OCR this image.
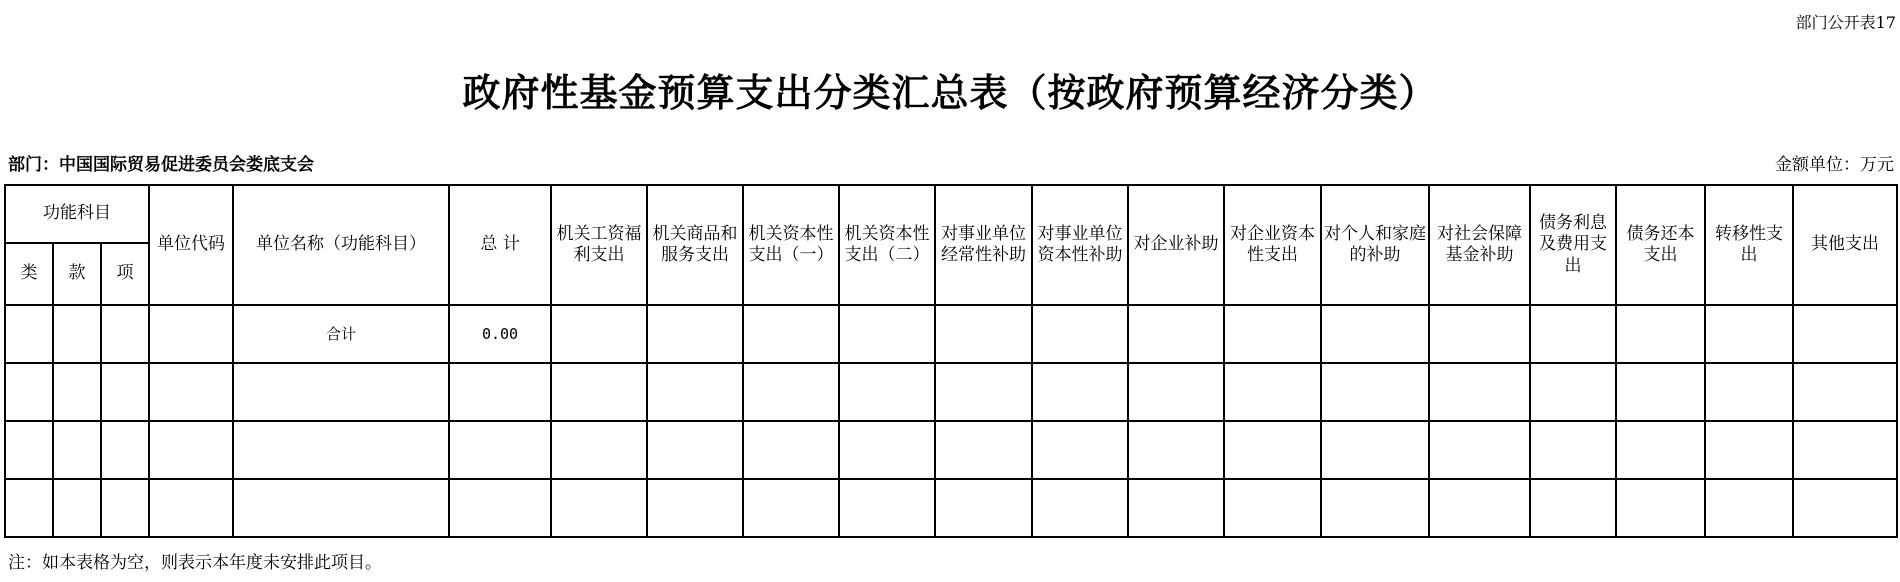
部门公开表17
政府性基金预算支出分类汇总表（按政府预算经济分类）
部门：中国国际贸易促进委员会娄底支会	金额单位：万元
功能科目			单位代码	单位名称（功能科目）	总 计	机关工资福利支出	机关商品和服务支出	机关资本性支出（一）	机关资本性支出（二）	对事业单位经常性补助	对事业单位资本性补助	对企业补助	对企业资本性支出	对个人和家庭的补助	对社会保障基金补助	债务利息及费用支出	债务还本支出	转移性支出	其他支出
类	款	项																	
				合计	0.00														

注：如本表格为空，则表示本年度未安排此项目。
